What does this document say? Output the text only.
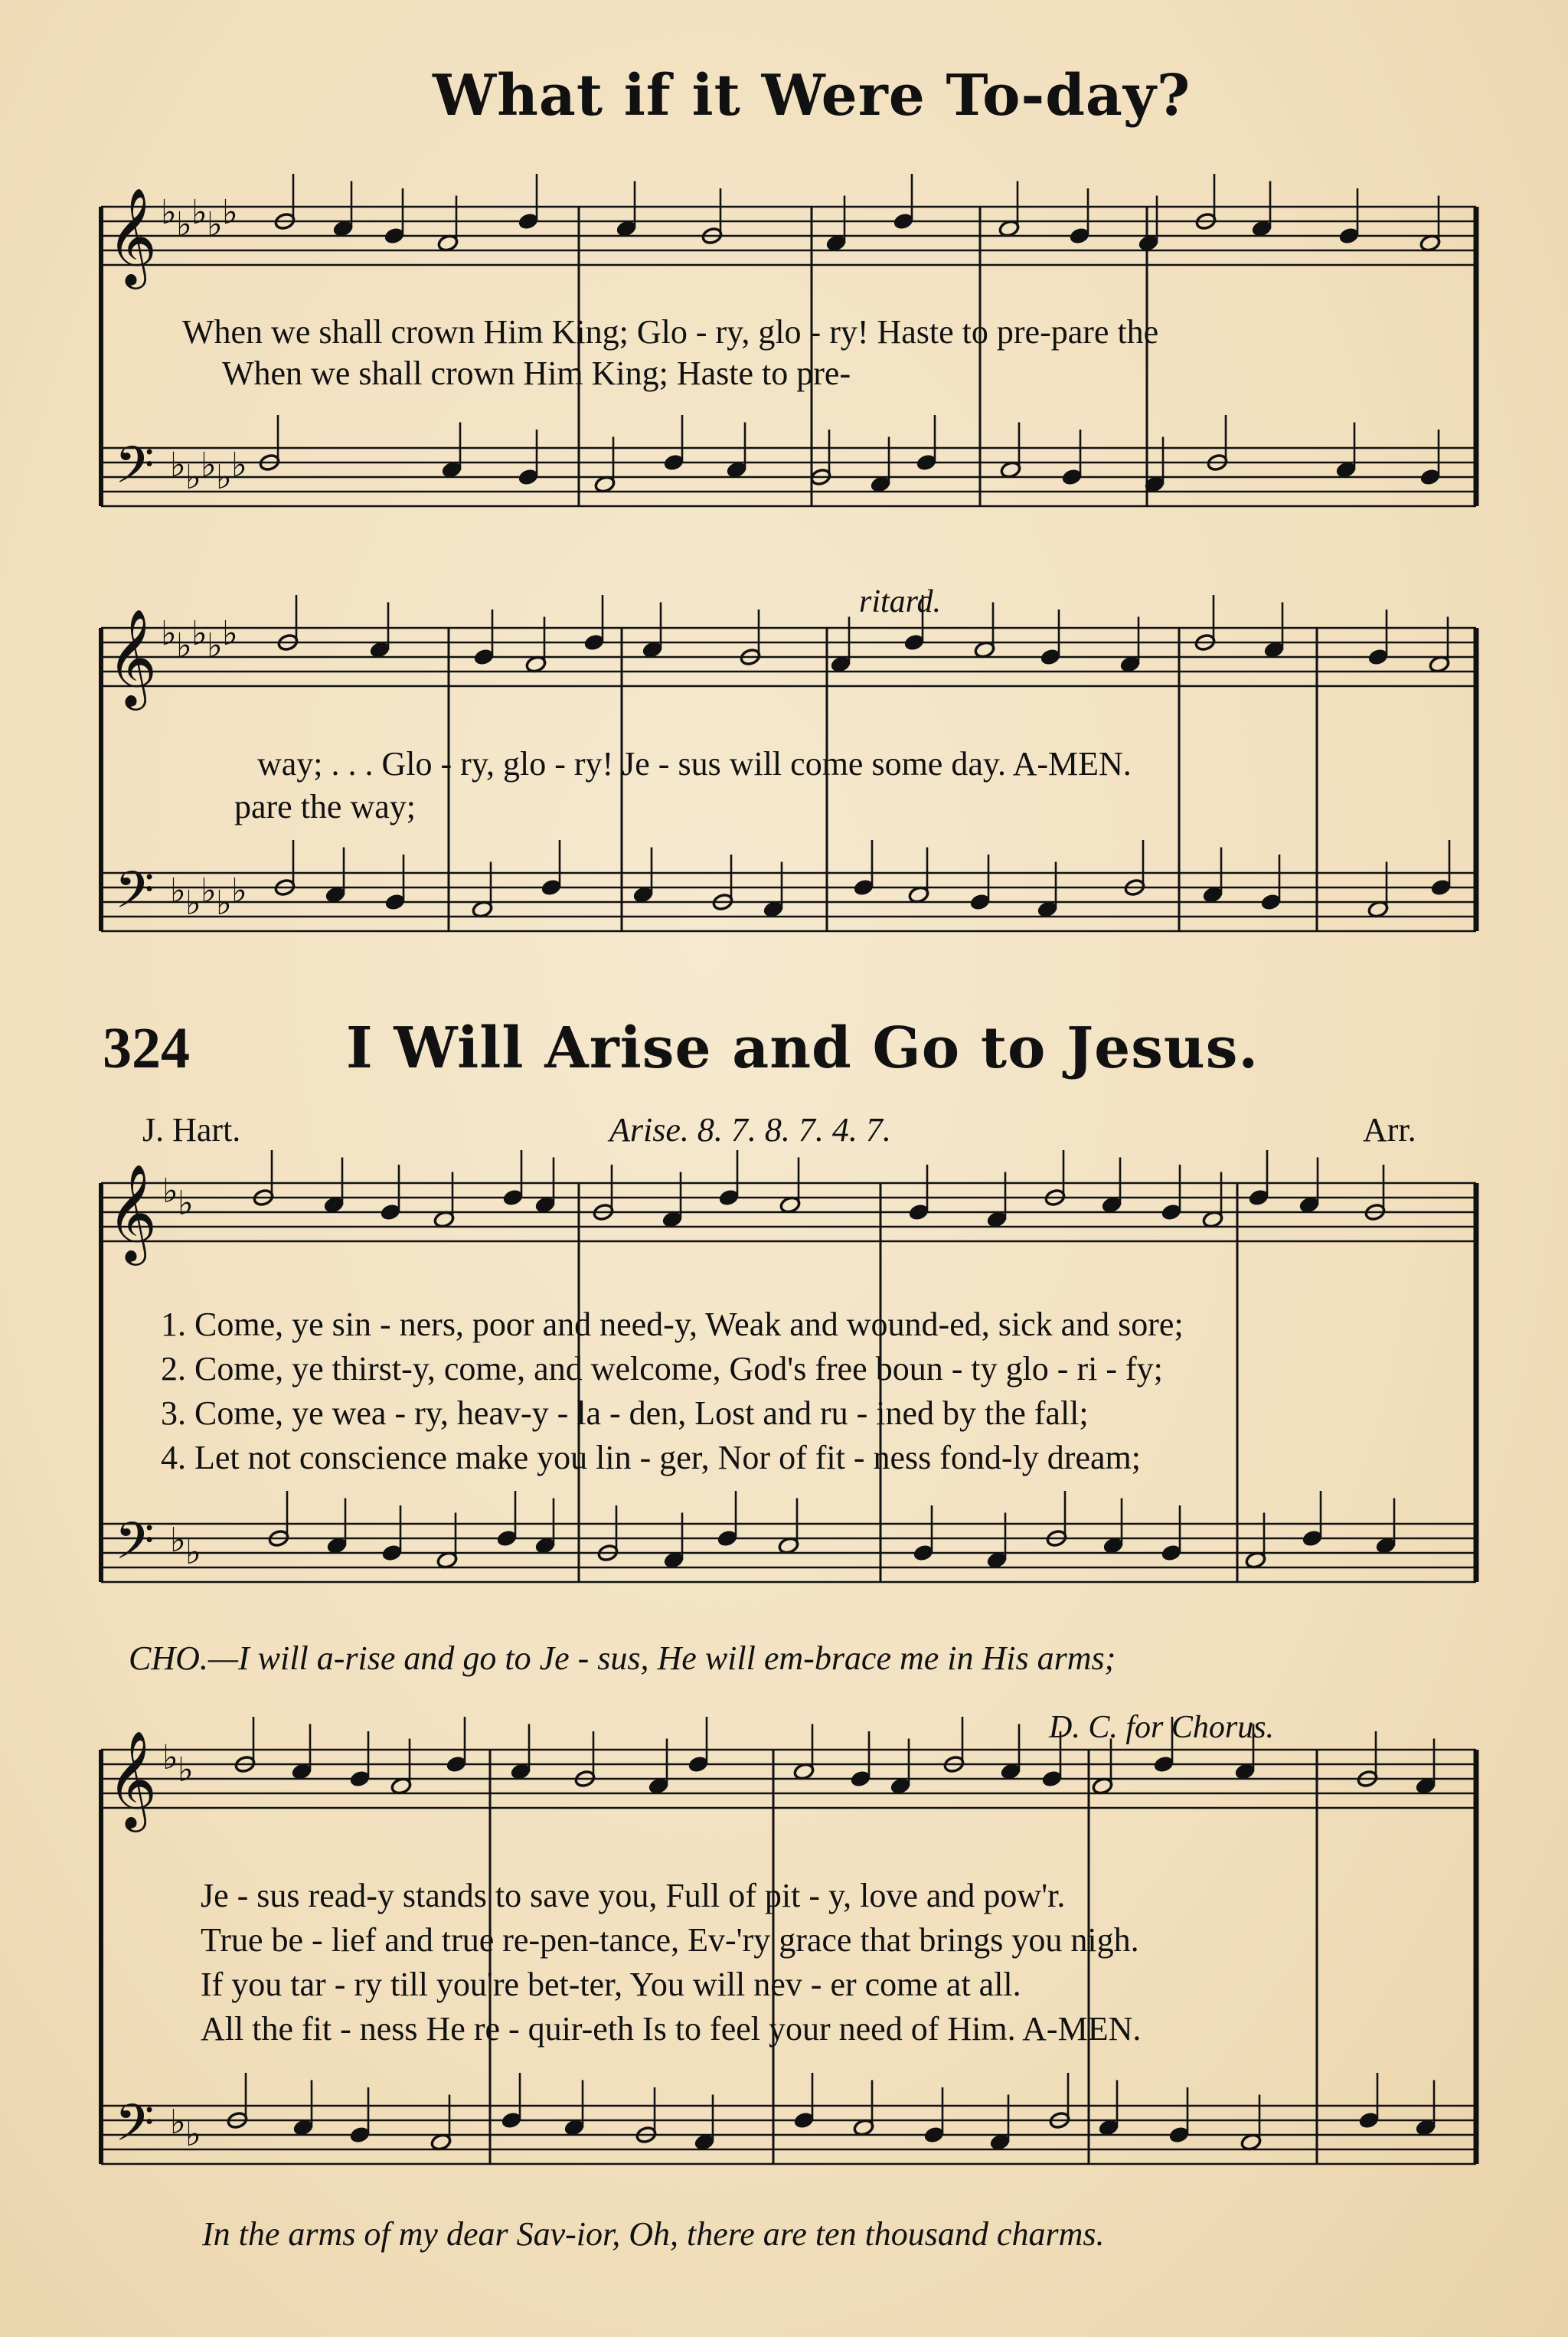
What if it Were To-day?
When we shall crown Him King; Glo - ry, glo - ry! Haste to pre-pare the
When we shall crown Him King; Haste to pre-
ritard.
way; . . . Glo - ry, glo - ry! Je - sus will come some day. A-MEN.
pare the way;
324	I Will Arise and Go to Jesus.
J. Hart.	Arise. 8. 7. 8. 7. 4. 7.	Arr.
1. Come, ye sin - ners, poor and need-y, Weak and wound-ed, sick and sore;
2. Come, ye thirst-y, come, and welcome, God's free boun - ty glo - ri - fy;
3. Come, ye wea - ry, heav-y - la - den, Lost and ru - ined by the fall;
4. Let not conscience make you lin - ger, Nor of fit - ness fond-ly dream;
CHO.—I will a-rise and go to Je - sus, He will em-brace me in His arms;
D. C. for Chorus.
Je - sus read-y stands to save you, Full of pit - y, love and pow'r.
True be - lief and true re-pen-tance, Ev-'ry grace that brings you nigh.
If you tar - ry till you're bet-ter, You will nev - er come at all.
All the fit - ness He re - quir-eth Is to feel your need of Him. A-MEN.
In the arms of my dear Sav-ior, Oh, there are ten thousand charms.
𝄞
𝄢
♭ ♭ ♭ ♭ ♭
♭ ♭ ♭ ♭ ♭
𝄞
𝄢
♭ ♭ ♭ ♭ ♭
♭ ♭ ♭ ♭ ♭
𝄞
𝄢
♭ ♭
♭ ♭
𝄞
𝄢
♭ ♭
♭ ♭
